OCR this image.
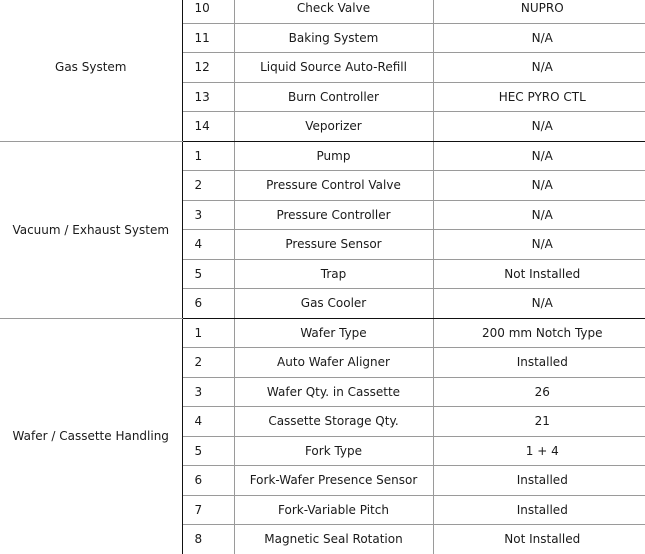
Gas System	10	Check Valve	NUPRO
	11	Baking System	N/A
	12	Liquid Source Auto-Refill	N/A
	13	Burn Controller	HEC PYRO CTL
	14	Veporizer	N/A
Vacuum / Exhaust System	1	Pump	N/A
	2	Pressure Control Valve	N/A
	3	Pressure Controller	N/A
	4	Pressure Sensor	N/A
	5	Trap	Not Installed
	6	Gas Cooler	N/A
Wafer / Cassette Handling	1	Wafer Type	200 mm Notch Type
	2	Auto Wafer Aligner	Installed
	3	Wafer Qty. in Cassette	26
	4	Cassette Storage Qty.	21
	5	Fork Type	1 + 4
	6	Fork-Wafer Presence Sensor	Installed
	7	Fork-Variable Pitch	Installed
	8	Magnetic Seal Rotation	Not Installed
